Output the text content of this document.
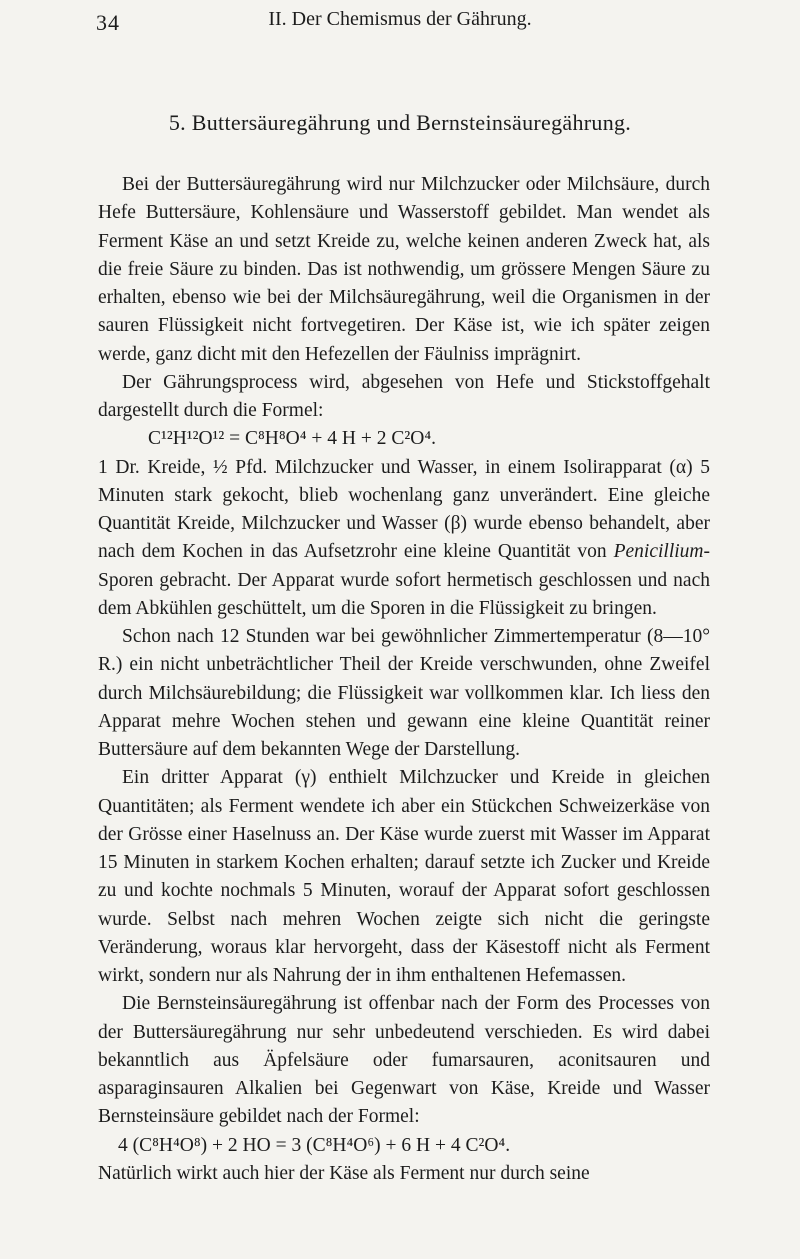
34	II. Der Chemismus der Gährung.
5. Buttersäuregährung und Bernsteinsäuregährung.

Bei der Buttersäuregährung wird nur Milchzucker oder Milchsäure, durch Hefe Buttersäure, Kohlensäure und Wasserstoff gebildet. Man wendet als Ferment Käse an und setzt Kreide zu, welche keinen anderen Zweck hat, als die freie Säure zu binden. Das ist nothwendig, um grössere Mengen Säure zu erhalten, ebenso wie bei der Milchsäuregährung, weil die Organismen in der sauren Flüssigkeit nicht fortvegetiren. Der Käse ist, wie ich später zeigen werde, ganz dicht mit den Hefezellen der Fäulniss imprägnirt.

Der Gährungsprocess wird, abgesehen von Hefe und Stickstoffgehalt dargestellt durch die Formel:

C¹²H¹²O¹² = C⁸H⁸O⁴ + 4 H + 2 C²O⁴.

1 Dr. Kreide, ½ Pfd. Milchzucker und Wasser, in einem Isolirapparat (α) 5 Minuten stark gekocht, blieb wochenlang ganz unverändert. Eine gleiche Quantität Kreide, Milchzucker und Wasser (β) wurde ebenso behandelt, aber nach dem Kochen in das Aufsetzrohr eine kleine Quantität von Penicillium-Sporen gebracht. Der Apparat wurde sofort hermetisch geschlossen und nach dem Abkühlen geschüttelt, um die Sporen in die Flüssigkeit zu bringen.

Schon nach 12 Stunden war bei gewöhnlicher Zimmertemperatur (8—10° R.) ein nicht unbeträchtlicher Theil der Kreide verschwunden, ohne Zweifel durch Milchsäurebildung; die Flüssigkeit war vollkommen klar. Ich liess den Apparat mehre Wochen stehen und gewann eine kleine Quantität reiner Buttersäure auf dem bekannten Wege der Darstellung.

Ein dritter Apparat (γ) enthielt Milchzucker und Kreide in gleichen Quantitäten; als Ferment wendete ich aber ein Stückchen Schweizerkäse von der Grösse einer Haselnuss an. Der Käse wurde zuerst mit Wasser im Apparat 15 Minuten in starkem Kochen erhalten; darauf setzte ich Zucker und Kreide zu und kochte nochmals 5 Minuten, worauf der Apparat sofort geschlossen wurde. Selbst nach mehren Wochen zeigte sich nicht die geringste Veränderung, woraus klar hervorgeht, dass der Käsestoff nicht als Ferment wirkt, sondern nur als Nahrung der in ihm enthaltenen Hefemassen.

Die Bernsteinsäuregährung ist offenbar nach der Form des Processes von der Buttersäuregährung nur sehr unbedeutend verschieden. Es wird dabei bekanntlich aus Äpfelsäure oder fumarsauren, aconitsauren und asparaginsauren Alkalien bei Gegenwart von Käse, Kreide und Wasser Bernsteinsäure gebildet nach der Formel:

4 (C⁸H⁴O⁸) + 2 HO = 3 (C⁸H⁴O⁶) + 6 H + 4 C²O⁴.

Natürlich wirkt auch hier der Käse als Ferment nur durch seine
